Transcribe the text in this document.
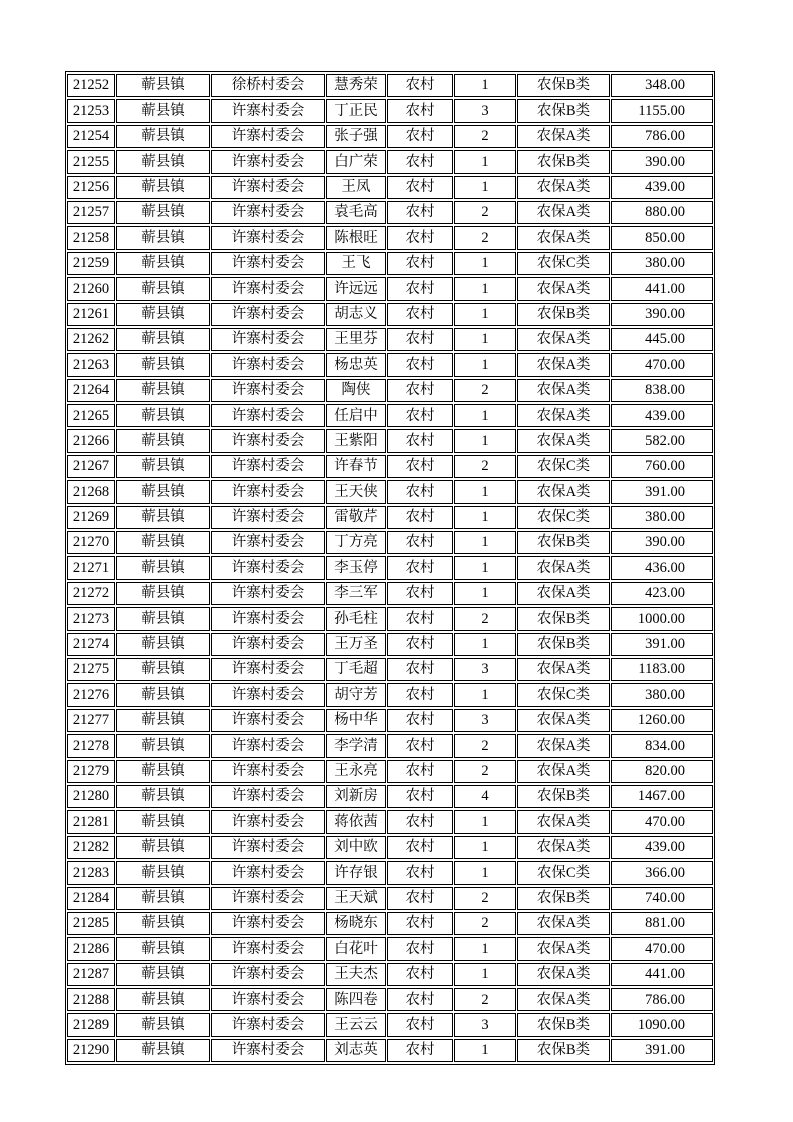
21252	蕲县镇	徐桥村委会	慧秀荣	农村	1	农保B类	348.00
21253	蕲县镇	许寨村委会	丁正民	农村	3	农保B类	1155.00
21254	蕲县镇	许寨村委会	张子强	农村	2	农保A类	786.00
21255	蕲县镇	许寨村委会	白广荣	农村	1	农保B类	390.00
21256	蕲县镇	许寨村委会	王凤	农村	1	农保A类	439.00
21257	蕲县镇	许寨村委会	袁毛高	农村	2	农保A类	880.00
21258	蕲县镇	许寨村委会	陈根旺	农村	2	农保A类	850.00
21259	蕲县镇	许寨村委会	王飞	农村	1	农保C类	380.00
21260	蕲县镇	许寨村委会	许远远	农村	1	农保A类	441.00
21261	蕲县镇	许寨村委会	胡志义	农村	1	农保B类	390.00
21262	蕲县镇	许寨村委会	王里芬	农村	1	农保A类	445.00
21263	蕲县镇	许寨村委会	杨忠英	农村	1	农保A类	470.00
21264	蕲县镇	许寨村委会	陶侠	农村	2	农保A类	838.00
21265	蕲县镇	许寨村委会	任启中	农村	1	农保A类	439.00
21266	蕲县镇	许寨村委会	王紫阳	农村	1	农保A类	582.00
21267	蕲县镇	许寨村委会	许春节	农村	2	农保C类	760.00
21268	蕲县镇	许寨村委会	王天侠	农村	1	农保A类	391.00
21269	蕲县镇	许寨村委会	雷敬芹	农村	1	农保C类	380.00
21270	蕲县镇	许寨村委会	丁方亮	农村	1	农保B类	390.00
21271	蕲县镇	许寨村委会	李玉停	农村	1	农保A类	436.00
21272	蕲县镇	许寨村委会	李三军	农村	1	农保A类	423.00
21273	蕲县镇	许寨村委会	孙毛柱	农村	2	农保B类	1000.00
21274	蕲县镇	许寨村委会	王万圣	农村	1	农保B类	391.00
21275	蕲县镇	许寨村委会	丁毛超	农村	3	农保A类	1183.00
21276	蕲县镇	许寨村委会	胡守芳	农村	1	农保C类	380.00
21277	蕲县镇	许寨村委会	杨中华	农村	3	农保A类	1260.00
21278	蕲县镇	许寨村委会	李学清	农村	2	农保A类	834.00
21279	蕲县镇	许寨村委会	王永亮	农村	2	农保A类	820.00
21280	蕲县镇	许寨村委会	刘新房	农村	4	农保B类	1467.00
21281	蕲县镇	许寨村委会	蒋依茜	农村	1	农保A类	470.00
21282	蕲县镇	许寨村委会	刘中欧	农村	1	农保A类	439.00
21283	蕲县镇	许寨村委会	许存银	农村	1	农保C类	366.00
21284	蕲县镇	许寨村委会	王天斌	农村	2	农保B类	740.00
21285	蕲县镇	许寨村委会	杨晓东	农村	2	农保A类	881.00
21286	蕲县镇	许寨村委会	白花叶	农村	1	农保A类	470.00
21287	蕲县镇	许寨村委会	王夫杰	农村	1	农保A类	441.00
21288	蕲县镇	许寨村委会	陈四卷	农村	2	农保A类	786.00
21289	蕲县镇	许寨村委会	王云云	农村	3	农保B类	1090.00
21290	蕲县镇	许寨村委会	刘志英	农村	1	农保B类	391.00
